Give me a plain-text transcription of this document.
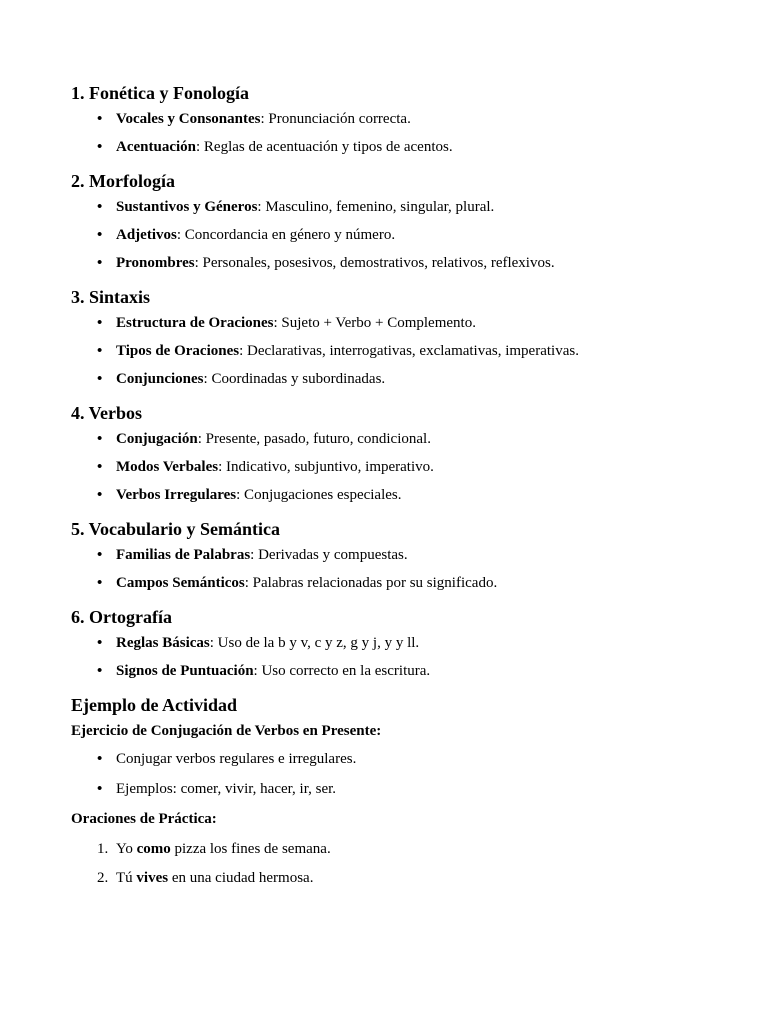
1. Fonética y Fonología
• Vocales y Consonantes: Pronunciación correcta.
• Acentuación: Reglas de acentuación y tipos de acentos.
2. Morfología
• Sustantivos y Géneros: Masculino, femenino, singular, plural.
• Adjetivos: Concordancia en género y número.
• Pronombres: Personales, posesivos, demostrativos, relativos, reflexivos.
3. Sintaxis
• Estructura de Oraciones: Sujeto + Verbo + Complemento.
• Tipos de Oraciones: Declarativas, interrogativas, exclamativas, imperativas.
• Conjunciones: Coordinadas y subordinadas.
4. Verbos
• Conjugación: Presente, pasado, futuro, condicional.
• Modos Verbales: Indicativo, subjuntivo, imperativo.
• Verbos Irregulares: Conjugaciones especiales.
5. Vocabulario y Semántica
• Familias de Palabras: Derivadas y compuestas.
• Campos Semánticos: Palabras relacionadas por su significado.
6. Ortografía
• Reglas Básicas: Uso de la b y v, c y z, g y j, y y ll.
• Signos de Puntuación: Uso correcto en la escritura.
Ejemplo de Actividad

Ejercicio de Conjugación de Verbos en Presente:

• Conjugar verbos regulares e irregulares.
• Ejemplos: comer, vivir, hacer, ir, ser.

Oraciones de Práctica:

1. Yo como pizza los fines de semana.
2. Tú vives en una ciudad hermosa.
